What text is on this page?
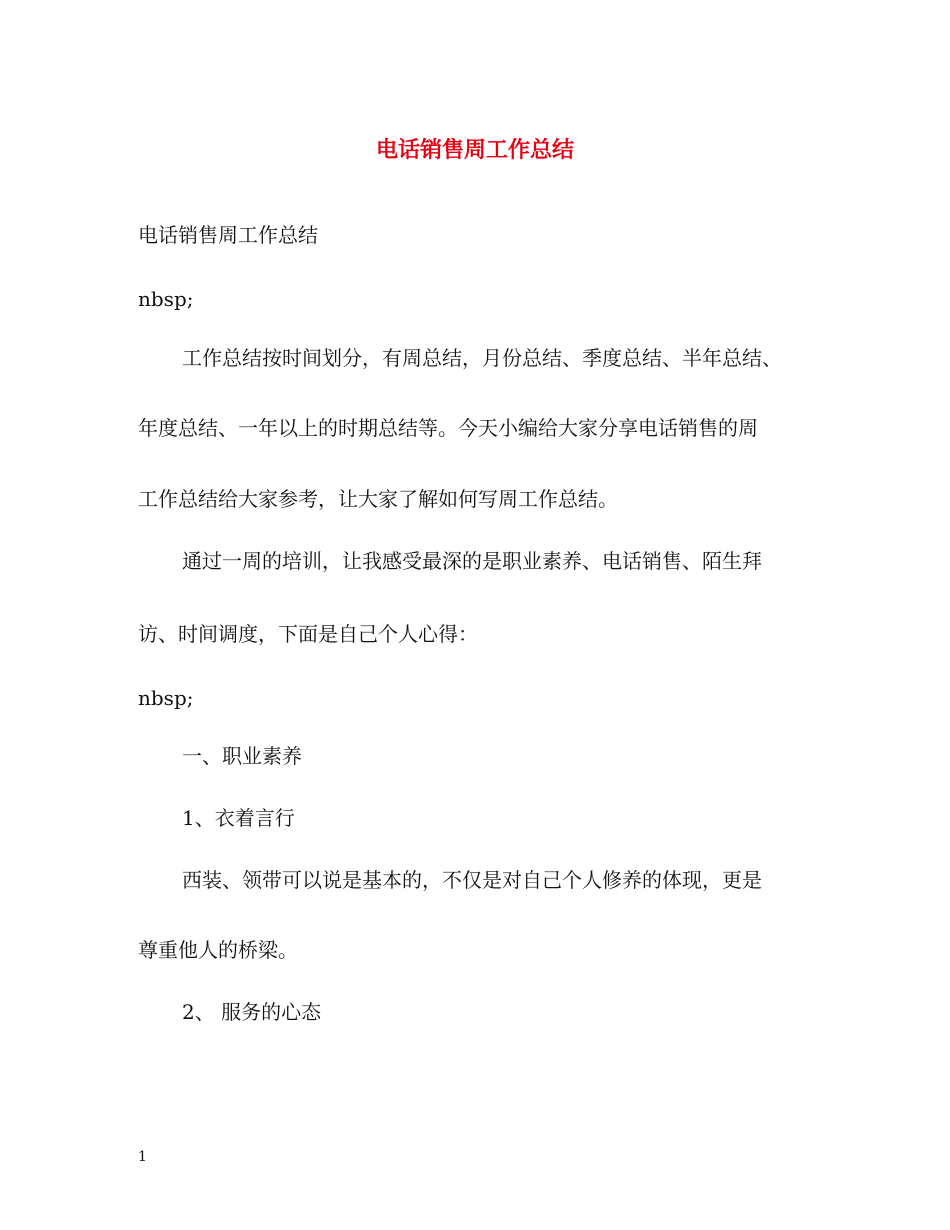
电话销售周工作总结
电话销售周工作总结
nbsp;
工作总结按时间划分，有周总结，月份总结、季度总结、半年总结、
年度总结、一年以上的时期总结等。今天小编给大家分享电话销售的周
工作总结给大家参考，让大家了解如何写周工作总结。
通过一周的培训，让我感受最深的是职业素养、电话销售、陌生拜
访、时间调度，下面是自己个人心得：
nbsp;
一、职业素养
1、衣着言行
西装、领带可以说是基本的，不仅是对自己个人修养的体现，更是
尊重他人的桥梁。
2、 服务的心态
1
